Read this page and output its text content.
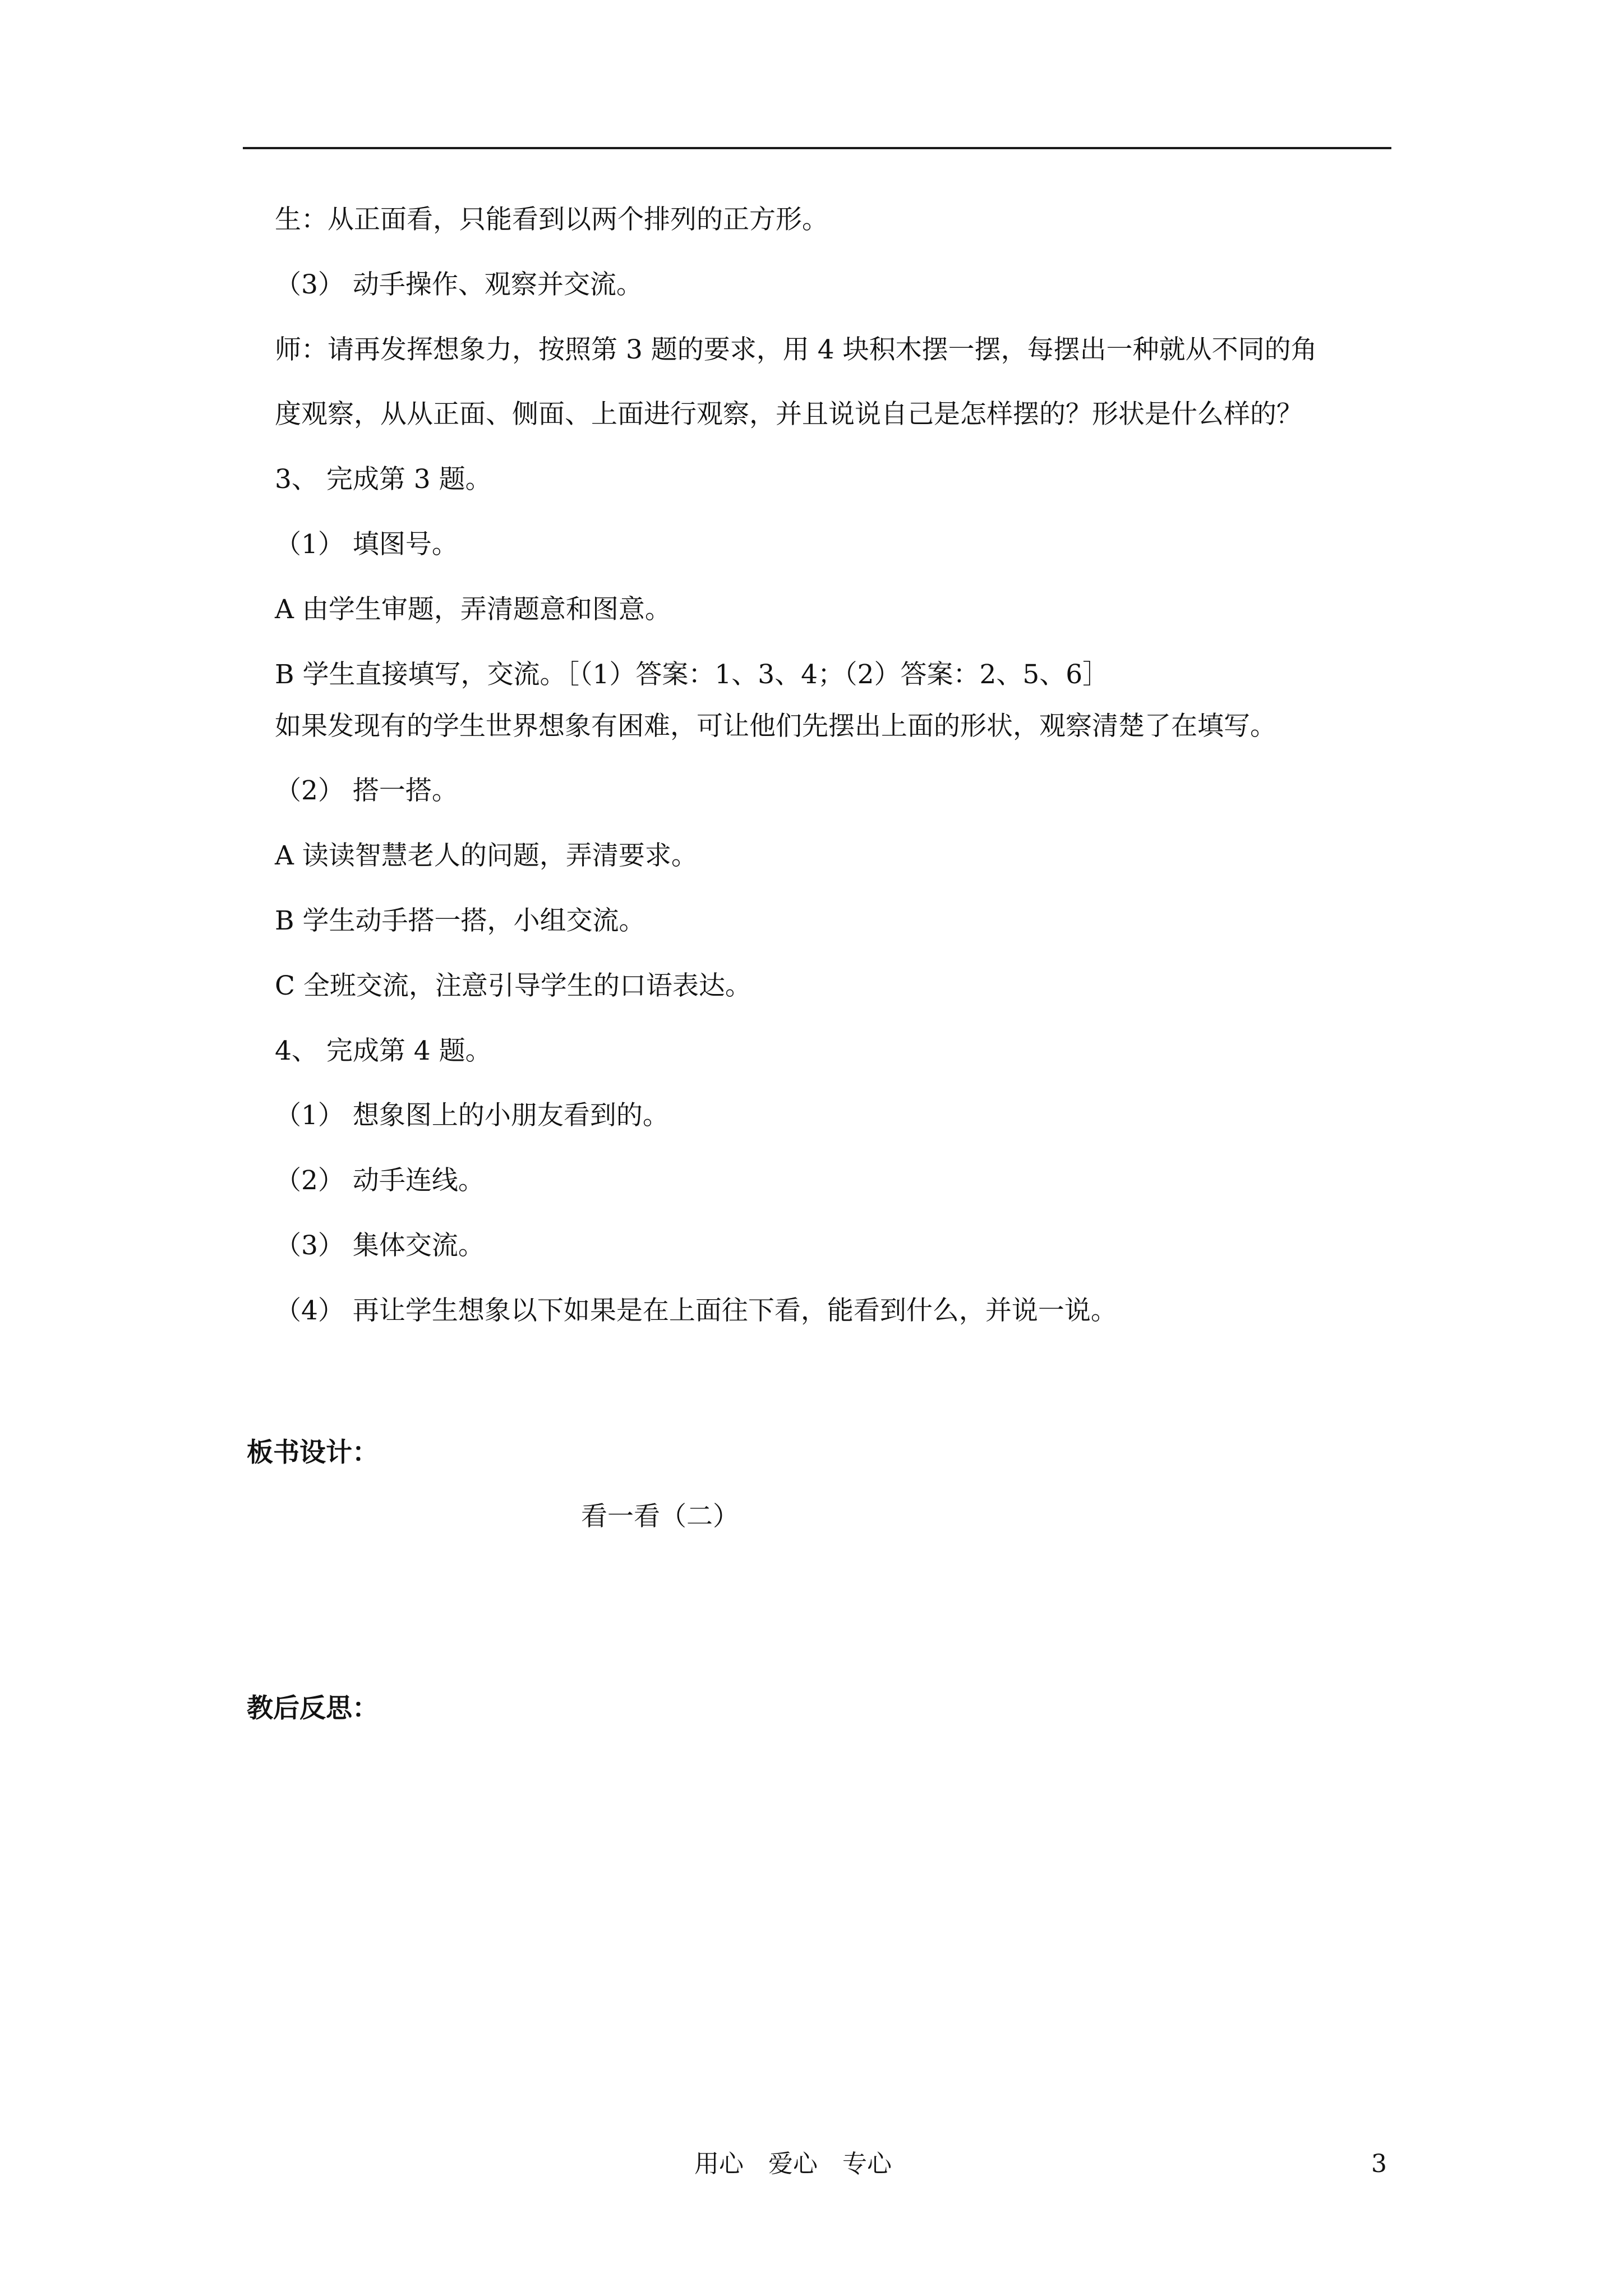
生：从正面看，只能看到以两个排列的正方形。

（3） 动手操作、观察并交流。

师：请再发挥想象力，按照第 3 题的要求，用 4 块积木摆一摆，每摆出一种就从不同的角

度观察，从从正面、侧面、上面进行观察，并且说说自己是怎样摆的？形状是什么样的？

3、 完成第 3 题。

（1） 填图号。

A 由学生审题，弄清题意和图意。

B 学生直接填写，交流。［（1）答案：1、3、4；（2）答案：2、5、6］

如果发现有的学生世界想象有困难，可让他们先摆出上面的形状，观察清楚了在填写。

（2） 搭一搭。

A 读读智慧老人的问题，弄清要求。

B 学生动手搭一搭，小组交流。

C 全班交流，注意引导学生的口语表达。

4、 完成第 4 题。

（1） 想象图上的小朋友看到的。

（2） 动手连线。

（3） 集体交流。

（4） 再让学生想象以下如果是在上面往下看，能看到什么，并说一说。

板书设计：
看一看（二）
教后反思：
用心　爱心　专心	3
